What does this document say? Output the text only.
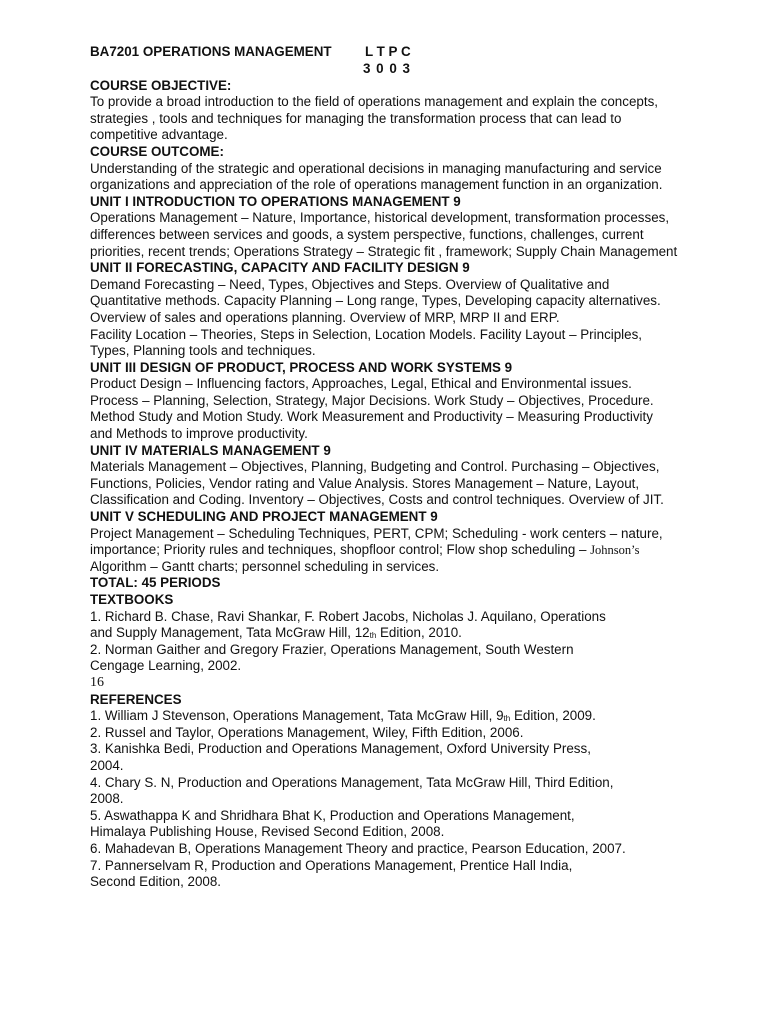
BA7201 OPERATIONS MANAGEMENT L T P C
3 0 0 3
COURSE OBJECTIVE:
To provide a broad introduction to the field of operations management and explain the concepts,
strategies , tools and techniques for managing the transformation process that can lead to
competitive advantage.
COURSE OUTCOME:
Understanding of the strategic and operational decisions in managing manufacturing and service
organizations and appreciation of the role of operations management function in an organization.
UNIT I INTRODUCTION TO OPERATIONS MANAGEMENT 9
Operations Management – Nature, Importance, historical development, transformation processes,
differences between services and goods, a system perspective, functions, challenges, current
priorities, recent trends; Operations Strategy – Strategic fit , framework; Supply Chain Management
UNIT II FORECASTING, CAPACITY AND FACILITY DESIGN 9
Demand Forecasting – Need, Types, Objectives and Steps. Overview of Qualitative and
Quantitative methods. Capacity Planning – Long range, Types, Developing capacity alternatives.
Overview of sales and operations planning. Overview of MRP, MRP II and ERP.
Facility Location – Theories, Steps in Selection, Location Models. Facility Layout – Principles,
Types, Planning tools and techniques.
UNIT III DESIGN OF PRODUCT, PROCESS AND WORK SYSTEMS 9
Product Design – Influencing factors, Approaches, Legal, Ethical and Environmental issues.
Process – Planning, Selection, Strategy, Major Decisions. Work Study – Objectives, Procedure.
Method Study and Motion Study. Work Measurement and Productivity – Measuring Productivity
and Methods to improve productivity.
UNIT IV MATERIALS MANAGEMENT 9
Materials Management – Objectives, Planning, Budgeting and Control. Purchasing – Objectives,
Functions, Policies, Vendor rating and Value Analysis. Stores Management – Nature, Layout,
Classification and Coding. Inventory – Objectives, Costs and control techniques. Overview of JIT.
UNIT V SCHEDULING AND PROJECT MANAGEMENT 9
Project Management – Scheduling Techniques, PERT, CPM; Scheduling - work centers – nature,
importance; Priority rules and techniques, shopfloor control; Flow shop scheduling – Johnson’s
Algorithm – Gantt charts; personnel scheduling in services.
TOTAL: 45 PERIODS
TEXTBOOKS
1. Richard B. Chase, Ravi Shankar, F. Robert Jacobs, Nicholas J. Aquilano, Operations
and Supply Management, Tata McGraw Hill, $12_{th}$ Edition, 2010.
2. Norman Gaither and Gregory Frazier, Operations Management, South Western
Cengage Learning, 2002.
16
REFERENCES
1. William J Stevenson, Operations Management, Tata McGraw Hill, $9_{th}$ Edition, 2009.
2. Russel and Taylor, Operations Management, Wiley, Fifth Edition, 2006.
3. Kanishka Bedi, Production and Operations Management, Oxford University Press,
2004.
4. Chary S. N, Production and Operations Management, Tata McGraw Hill, Third Edition,
2008.
5. Aswathappa K and Shridhara Bhat K, Production and Operations Management,
Himalaya Publishing House, Revised Second Edition, 2008.
6. Mahadevan B, Operations Management Theory and practice, Pearson Education, 2007.
7. Pannerselvam R, Production and Operations Management, Prentice Hall India,
Second Edition, 2008.
